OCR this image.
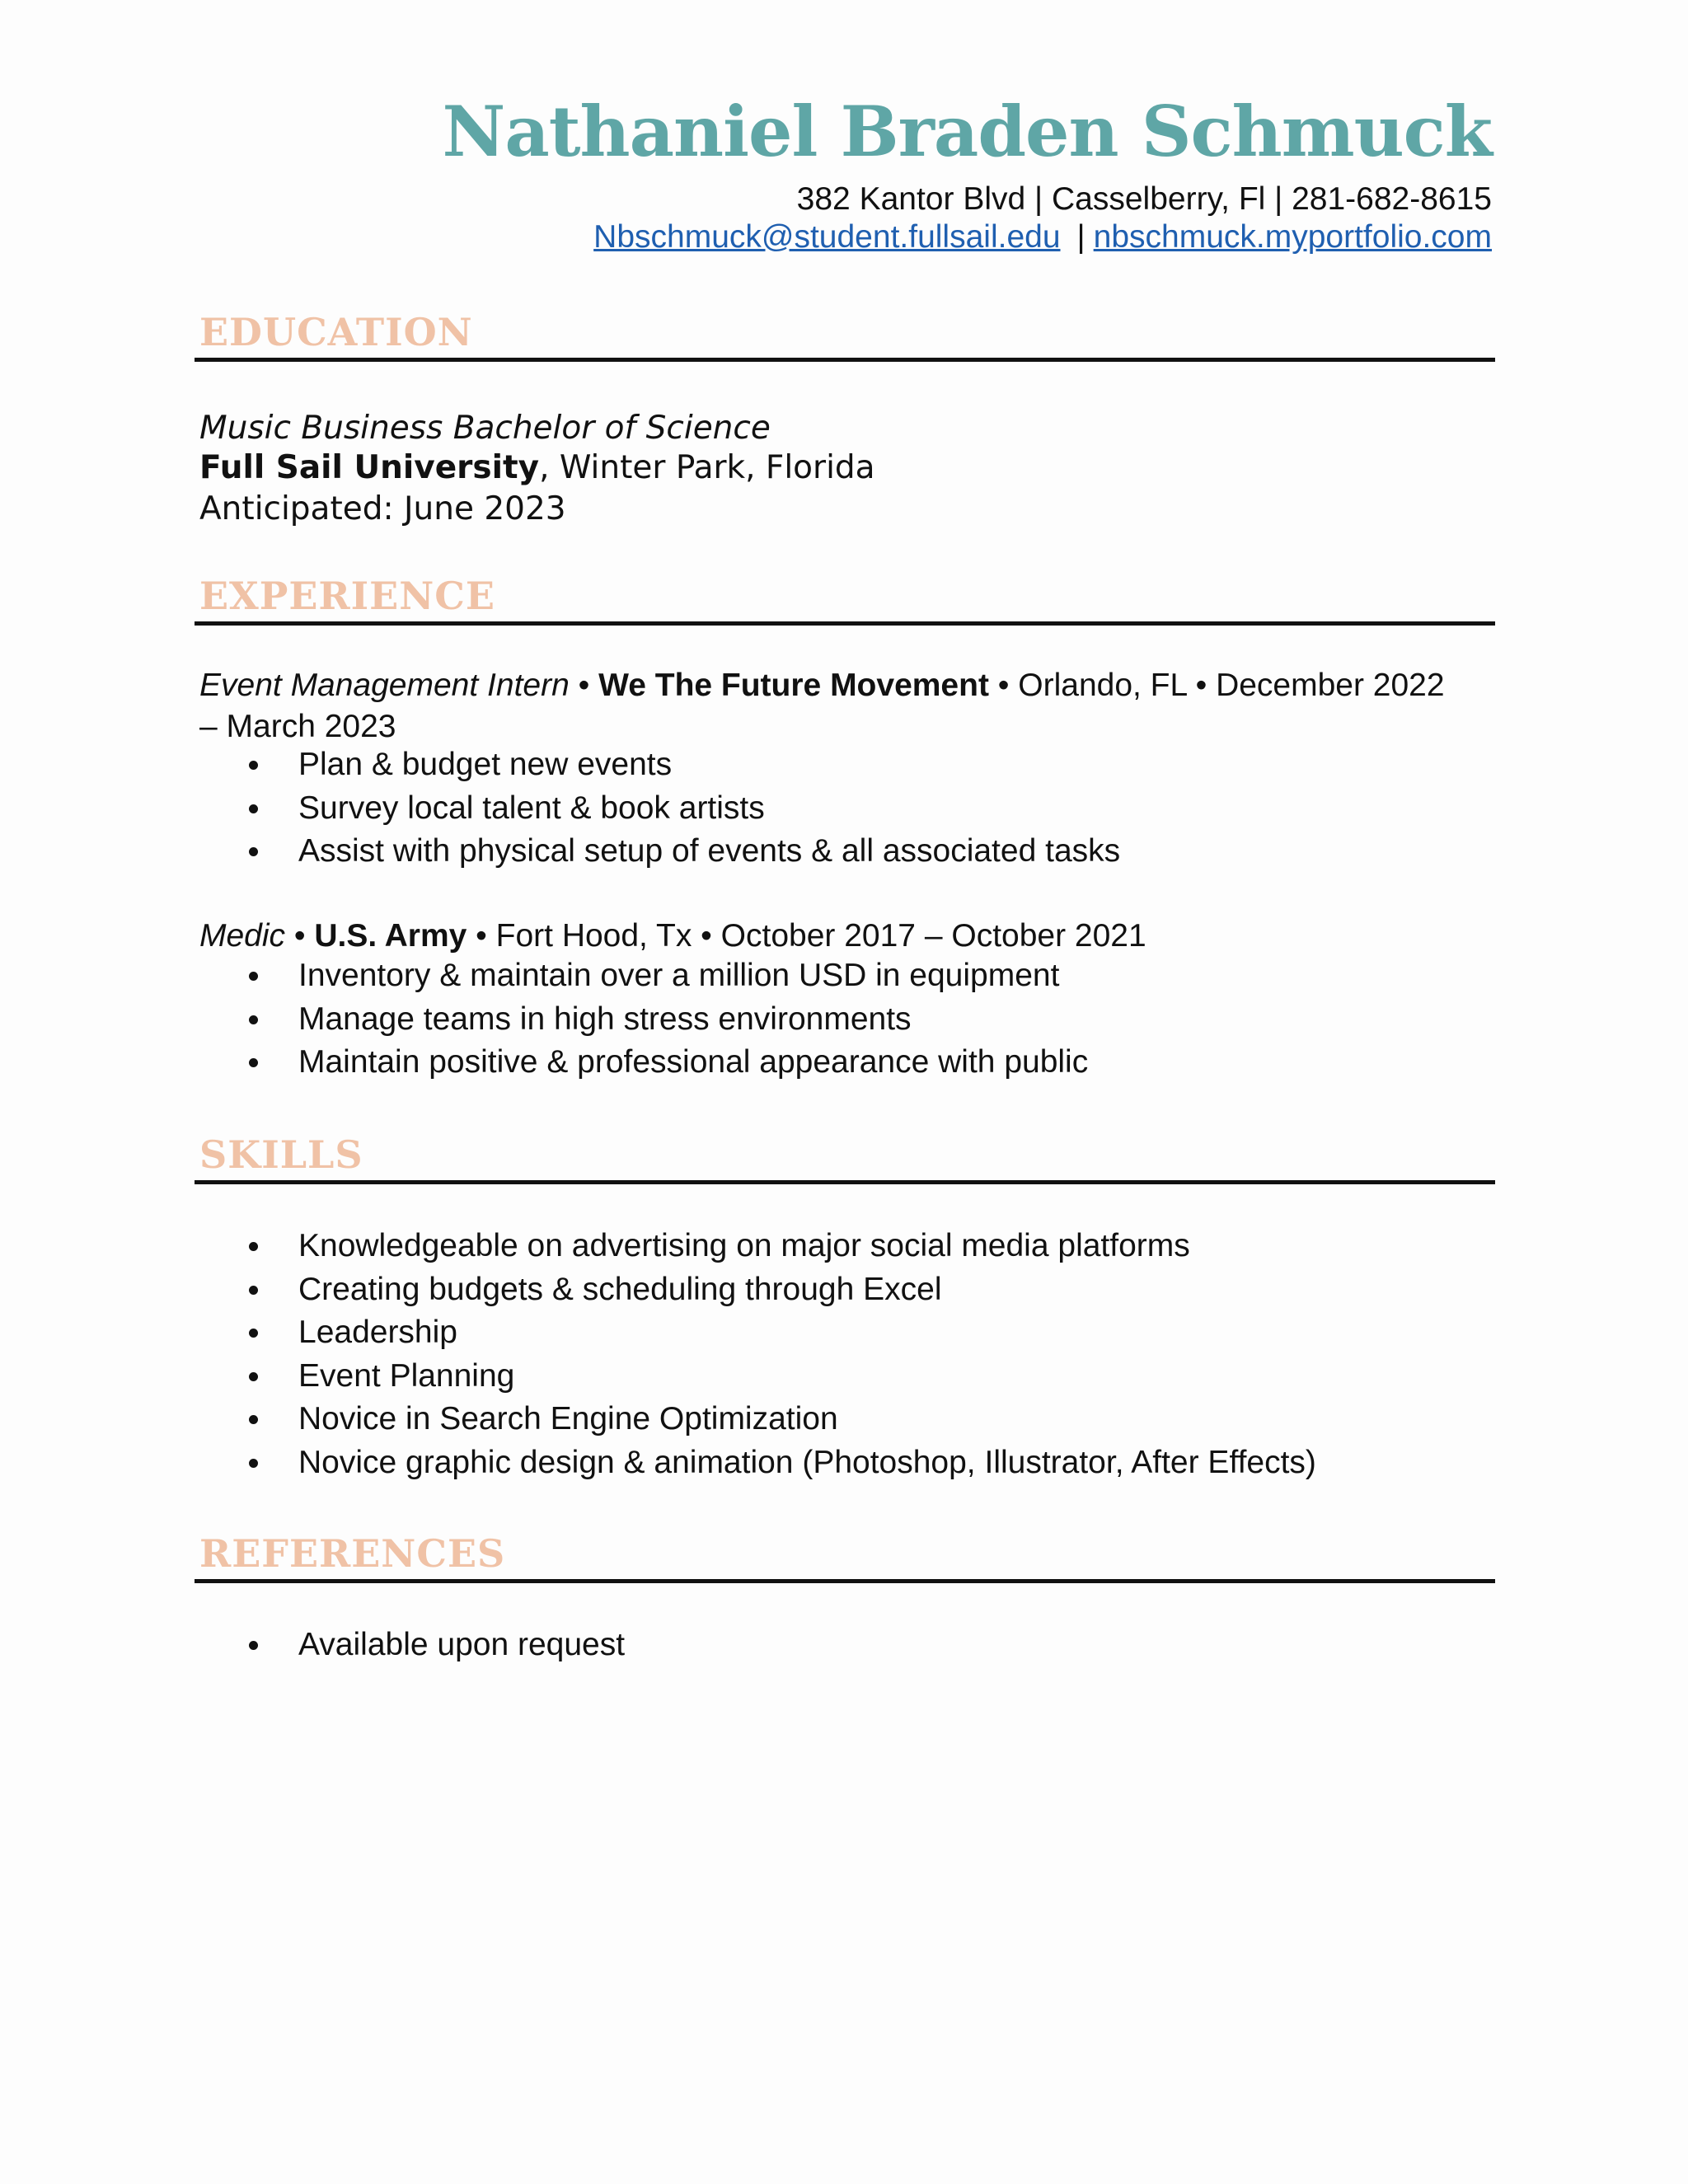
Nathaniel Braden Schmuck
382 Kantor Blvd | Casselberry, Fl | 281-682-8615
Nbschmuck@student.fullsail.edu | nbschmuck.myportfolio.com
EDUCATION
Music Business Bachelor of Science
Full Sail University, Winter Park, Florida
Anticipated: June 2023
EXPERIENCE
Event Management Intern • We The Future Movement • Orlando, FL • December 2022
– March 2023
Plan & budget new events
Survey local talent & book artists
Assist with physical setup of events & all associated tasks
Medic • U.S. Army • Fort Hood, Tx • October 2017 – October 2021
Inventory & maintain over a million USD in equipment
Manage teams in high stress environments
Maintain positive & professional appearance with public
SKILLS
Knowledgeable on advertising on major social media platforms
Creating budgets & scheduling through Excel
Leadership
Event Planning
Novice in Search Engine Optimization
Novice graphic design & animation (Photoshop, Illustrator, After Effects)
REFERENCES
Available upon request
